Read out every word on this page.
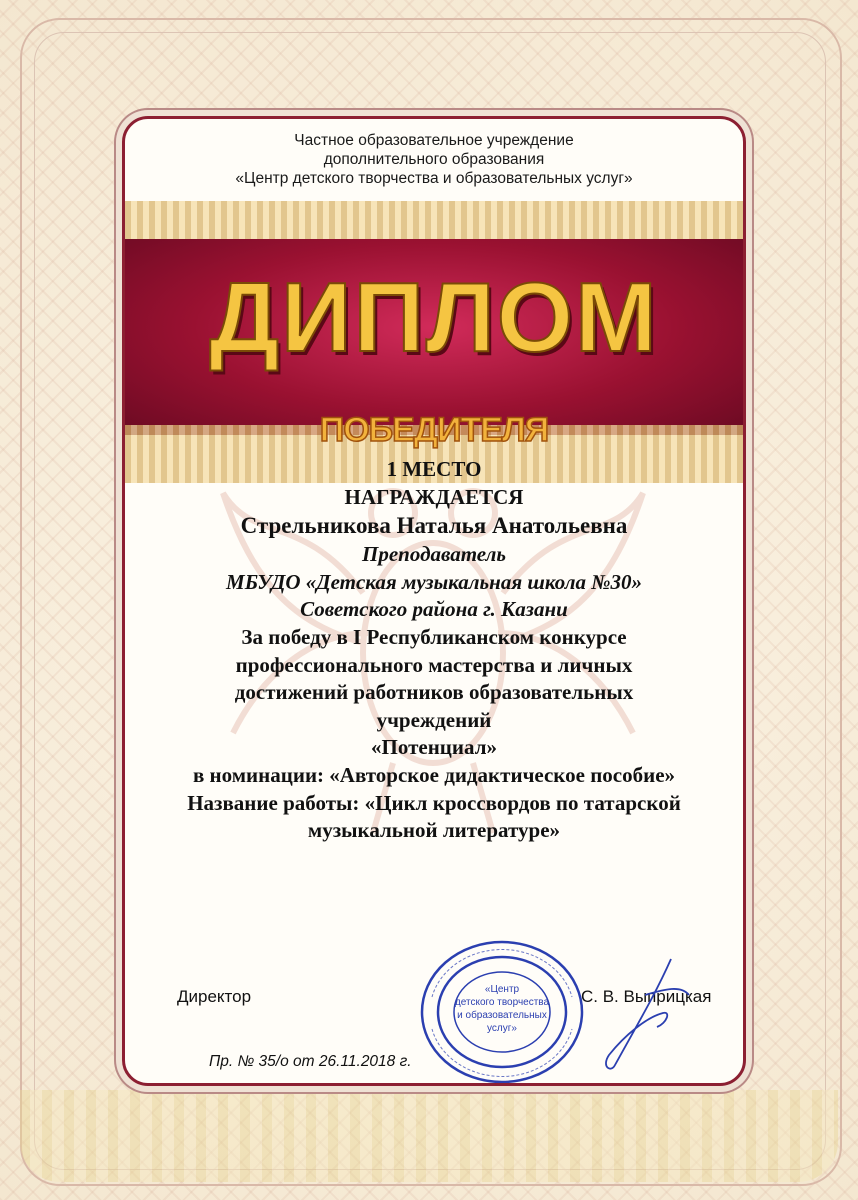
Частное образовательное учреждение
дополнительного образования
«Центр детского творчества и образовательных услуг»
ДИПЛОМ
ПОБЕДИТЕЛЯ
1 МЕСТО
НАГРАЖДАЕТСЯ
Стрельникова Наталья Анатольевна
Преподаватель
МБУДО «Детская музыкальная школа №30»
Советского района г. Казани
За победу в I Республиканском конкурсе
профессионального мастерства и личных
достижений работников образовательных
учреждений
«Потенциал»
в номинации: «Авторское дидактическое пособие»
Название работы: «Цикл кроссвордов по татарской
музыкальной литературе»
Директор	С. В. Выприцкая
Пр. № 35/о от 26.11.2018 г.
«Центр
детского творчества
и образовательных
услуг»
